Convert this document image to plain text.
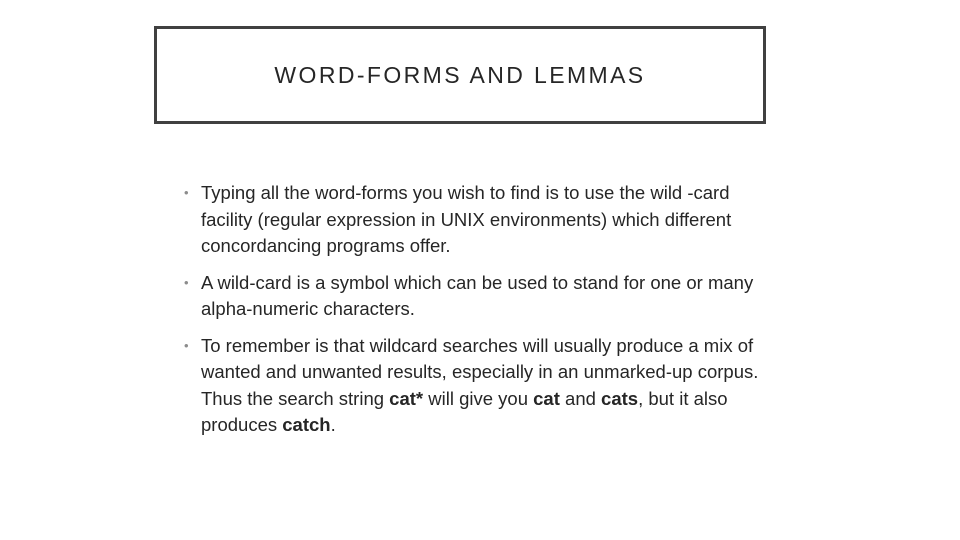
WORD-FORMS AND LEMMAS
• Typing all the word-forms you wish to find is to use the wild -card facility (regular expression in UNIX environments) which different concordancing programs offer.
• A wild-card is a symbol which can be used to stand for one or many alpha-numeric characters.
• To remember is that wildcard searches will usually produce a mix of wanted and unwanted results, especially in an unmarked-up corpus. Thus the search string cat* will give you cat and cats, but it also produces catch.
